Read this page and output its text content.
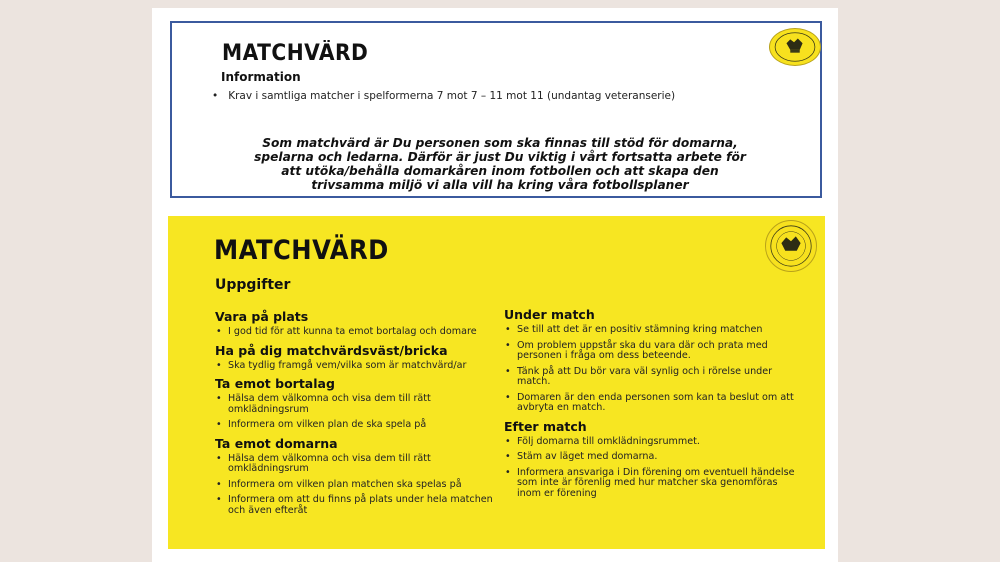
MATCHVÄRD
Information
• Krav i samtliga matcher i spelformerna 7 mot 7 – 11 mot 11 (undantag veteranserie)

Som matchvärd är Du personen som ska finnas till stöd för domarna,
spelarna och ledarna. Därför är just Du viktig i vårt fortsatta arbete för
att utöka/behålla domarkåren inom fotbollen och att skapa den
trivsamma miljö vi alla vill ha kring våra fotbollsplaner

MATCHVÄRD
Uppgifter
Vara på plats
• I god tid för att kunna ta emot bortalag och domare
Ha på dig matchvärdsväst/bricka
• Ska tydlig framgå vem/vilka som är matchvärd/ar
Ta emot bortalag
• Hälsa dem välkomna och visa dem till rätt omklädningsrum
• Informera om vilken plan de ska spela på
Ta emot domarna
• Hälsa dem välkomna och visa dem till rätt omklädningsrum
• Informera om vilken plan matchen ska spelas på
• Informera om att du finns på plats under hela matchen och även efteråt
Under match
• Se till att det är en positiv stämning kring matchen
• Om problem uppstår ska du vara där och prata med personen i fråga om dess beteende.
• Tänk på att Du bör vara väl synlig och i rörelse under match.
• Domaren är den enda personen som kan ta beslut om att avbryta en match.
Efter match
• Följ domarna till omklädningsrummet.
• Stäm av läget med domarna.
• Informera ansvariga i Din förening om eventuell händelse som inte är förenlig med hur matcher ska genomföras inom er förening
